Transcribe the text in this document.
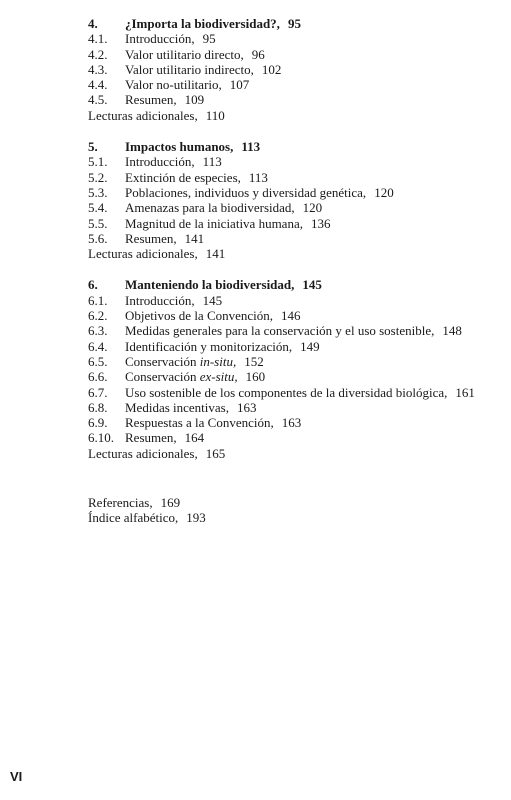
4. ¿Importa la biodiversidad?, 95
4.1. Introducción, 95
4.2. Valor utilitario directo, 96
4.3. Valor utilitario indirecto, 102
4.4. Valor no-utilitario, 107
4.5. Resumen, 109
Lecturas adicionales, 110
5. Impactos humanos, 113
5.1. Introducción, 113
5.2. Extinción de especies, 113
5.3. Poblaciones, individuos y diversidad genética, 120
5.4. Amenazas para la biodiversidad, 120
5.5. Magnitud de la iniciativa humana, 136
5.6. Resumen, 141
Lecturas adicionales, 141
6. Manteniendo la biodiversidad, 145
6.1. Introducción, 145
6.2. Objetivos de la Convención, 146
6.3. Medidas generales para la conservación y el uso sostenible, 148
6.4. Identificación y monitorización, 149
6.5. Conservación in-situ, 152
6.6. Conservación ex-situ, 160
6.7. Uso sostenible de los componentes de la diversidad biológica, 161
6.8. Medidas incentivas, 163
6.9. Respuestas a la Convención, 163
6.10. Resumen, 164
Lecturas adicionales, 165
Referencias, 169
Índice alfabético, 193
VI
